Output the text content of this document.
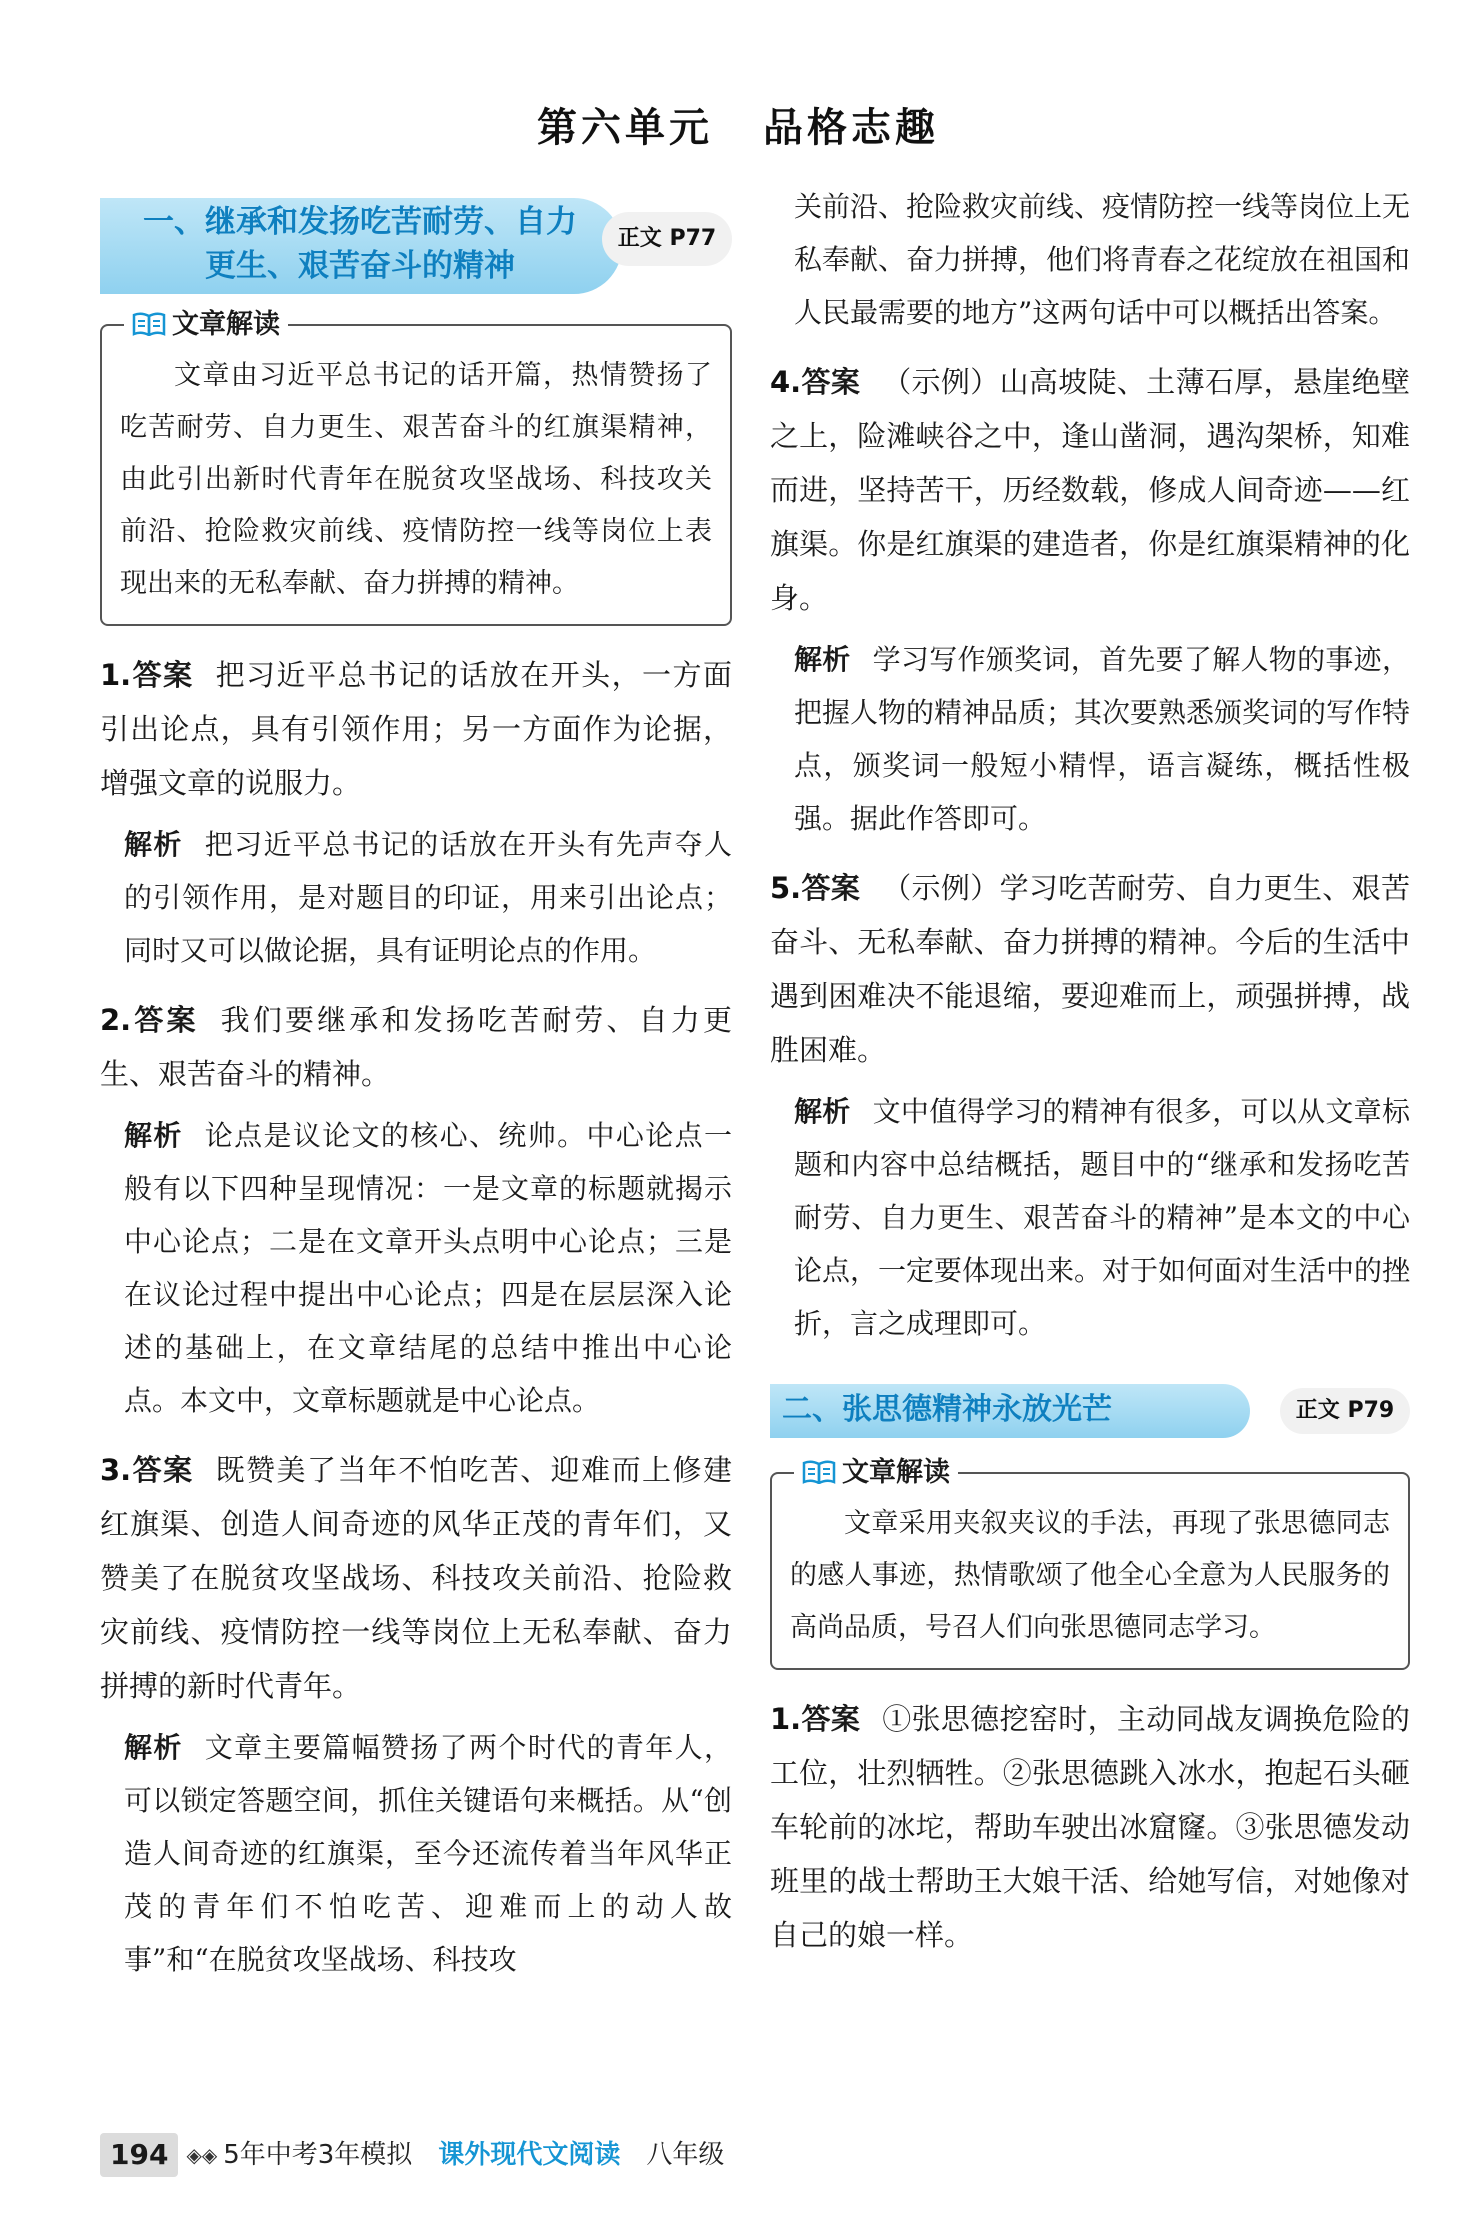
第六单元 品格志趣
一、继承和发扬吃苦耐劳、自力
更生、艰苦奋斗的精神
正文 P77
文章解读

文章由习近平总书记的话开篇，热情赞扬了吃苦耐劳、自力更生、艰苦奋斗的红旗渠精神，由此引出新时代青年在脱贫攻坚战场、科技攻关前沿、抢险救灾前线、疫情防控一线等岗位上表现出来的无私奉献、奋力拼搏的精神。

1.答案 把习近平总书记的话放在开头，一方面引出论点，具有引领作用；另一方面作为论据，增强文章的说服力。

解析 把习近平总书记的话放在开头有先声夺人的引领作用，是对题目的印证，用来引出论点；同时又可以做论据，具有证明论点的作用。

2.答案 我们要继承和发扬吃苦耐劳、自力更生、艰苦奋斗的精神。

解析 论点是议论文的核心、统帅。中心论点一般有以下四种呈现情况：一是文章的标题就揭示中心论点；二是在文章开头点明中心论点；三是在议论过程中提出中心论点；四是在层层深入论述的基础上，在文章结尾的总结中推出中心论点。本文中，文章标题就是中心论点。

3.答案 既赞美了当年不怕吃苦、迎难而上修建红旗渠、创造人间奇迹的风华正茂的青年们，又赞美了在脱贫攻坚战场、科技攻关前沿、抢险救灾前线、疫情防控一线等岗位上无私奉献、奋力拼搏的新时代青年。

解析 文章主要篇幅赞扬了两个时代的青年人，可以锁定答题空间，抓住关键语句来概括。从“创造人间奇迹的红旗渠，至今还流传着当年风华正茂的青年们不怕吃苦、迎难而上的动人故事”和“在脱贫攻坚战场、科技攻

关前沿、抢险救灾前线、疫情防控一线等岗位上无私奉献、奋力拼搏，他们将青春之花绽放在祖国和人民最需要的地方”这两句话中可以概括出答案。

4.答案 （示例）山高坡陡、土薄石厚，悬崖绝壁之上，险滩峡谷之中，逢山凿洞，遇沟架桥，知难而进，坚持苦干，历经数载，修成人间奇迹——红旗渠。你是红旗渠的建造者，你是红旗渠精神的化身。

解析 学习写作颁奖词，首先要了解人物的事迹，把握人物的精神品质；其次要熟悉颁奖词的写作特点，颁奖词一般短小精悍，语言凝练，概括性极强。据此作答即可。

5.答案 （示例）学习吃苦耐劳、自力更生、艰苦奋斗、无私奉献、奋力拼搏的精神。今后的生活中遇到困难决不能退缩，要迎难而上，顽强拼搏，战胜困难。

解析 文中值得学习的精神有很多，可以从文章标题和内容中总结概括，题目中的“继承和发扬吃苦耐劳、自力更生、艰苦奋斗的精神”是本文的中心论点，一定要体现出来。对于如何面对生活中的挫折，言之成理即可。

二、张思德精神永放光芒	正文 P79
文章解读

文章采用夹叙夹议的手法，再现了张思德同志的感人事迹，热情歌颂了他全心全意为人民服务的高尚品质，号召人们向张思德同志学习。

1.答案 ①张思德挖窑时，主动同战友调换危险的工位，壮烈牺牲。②张思德跳入冰水，抱起石头砸车轮前的冰坨，帮助车驶出冰窟窿。③张思德发动班里的战士帮助王大娘干活、给她写信，对她像对自己的娘一样。

194 ◈◈ 5年中考3年模拟 课外现代文阅读 八年级
